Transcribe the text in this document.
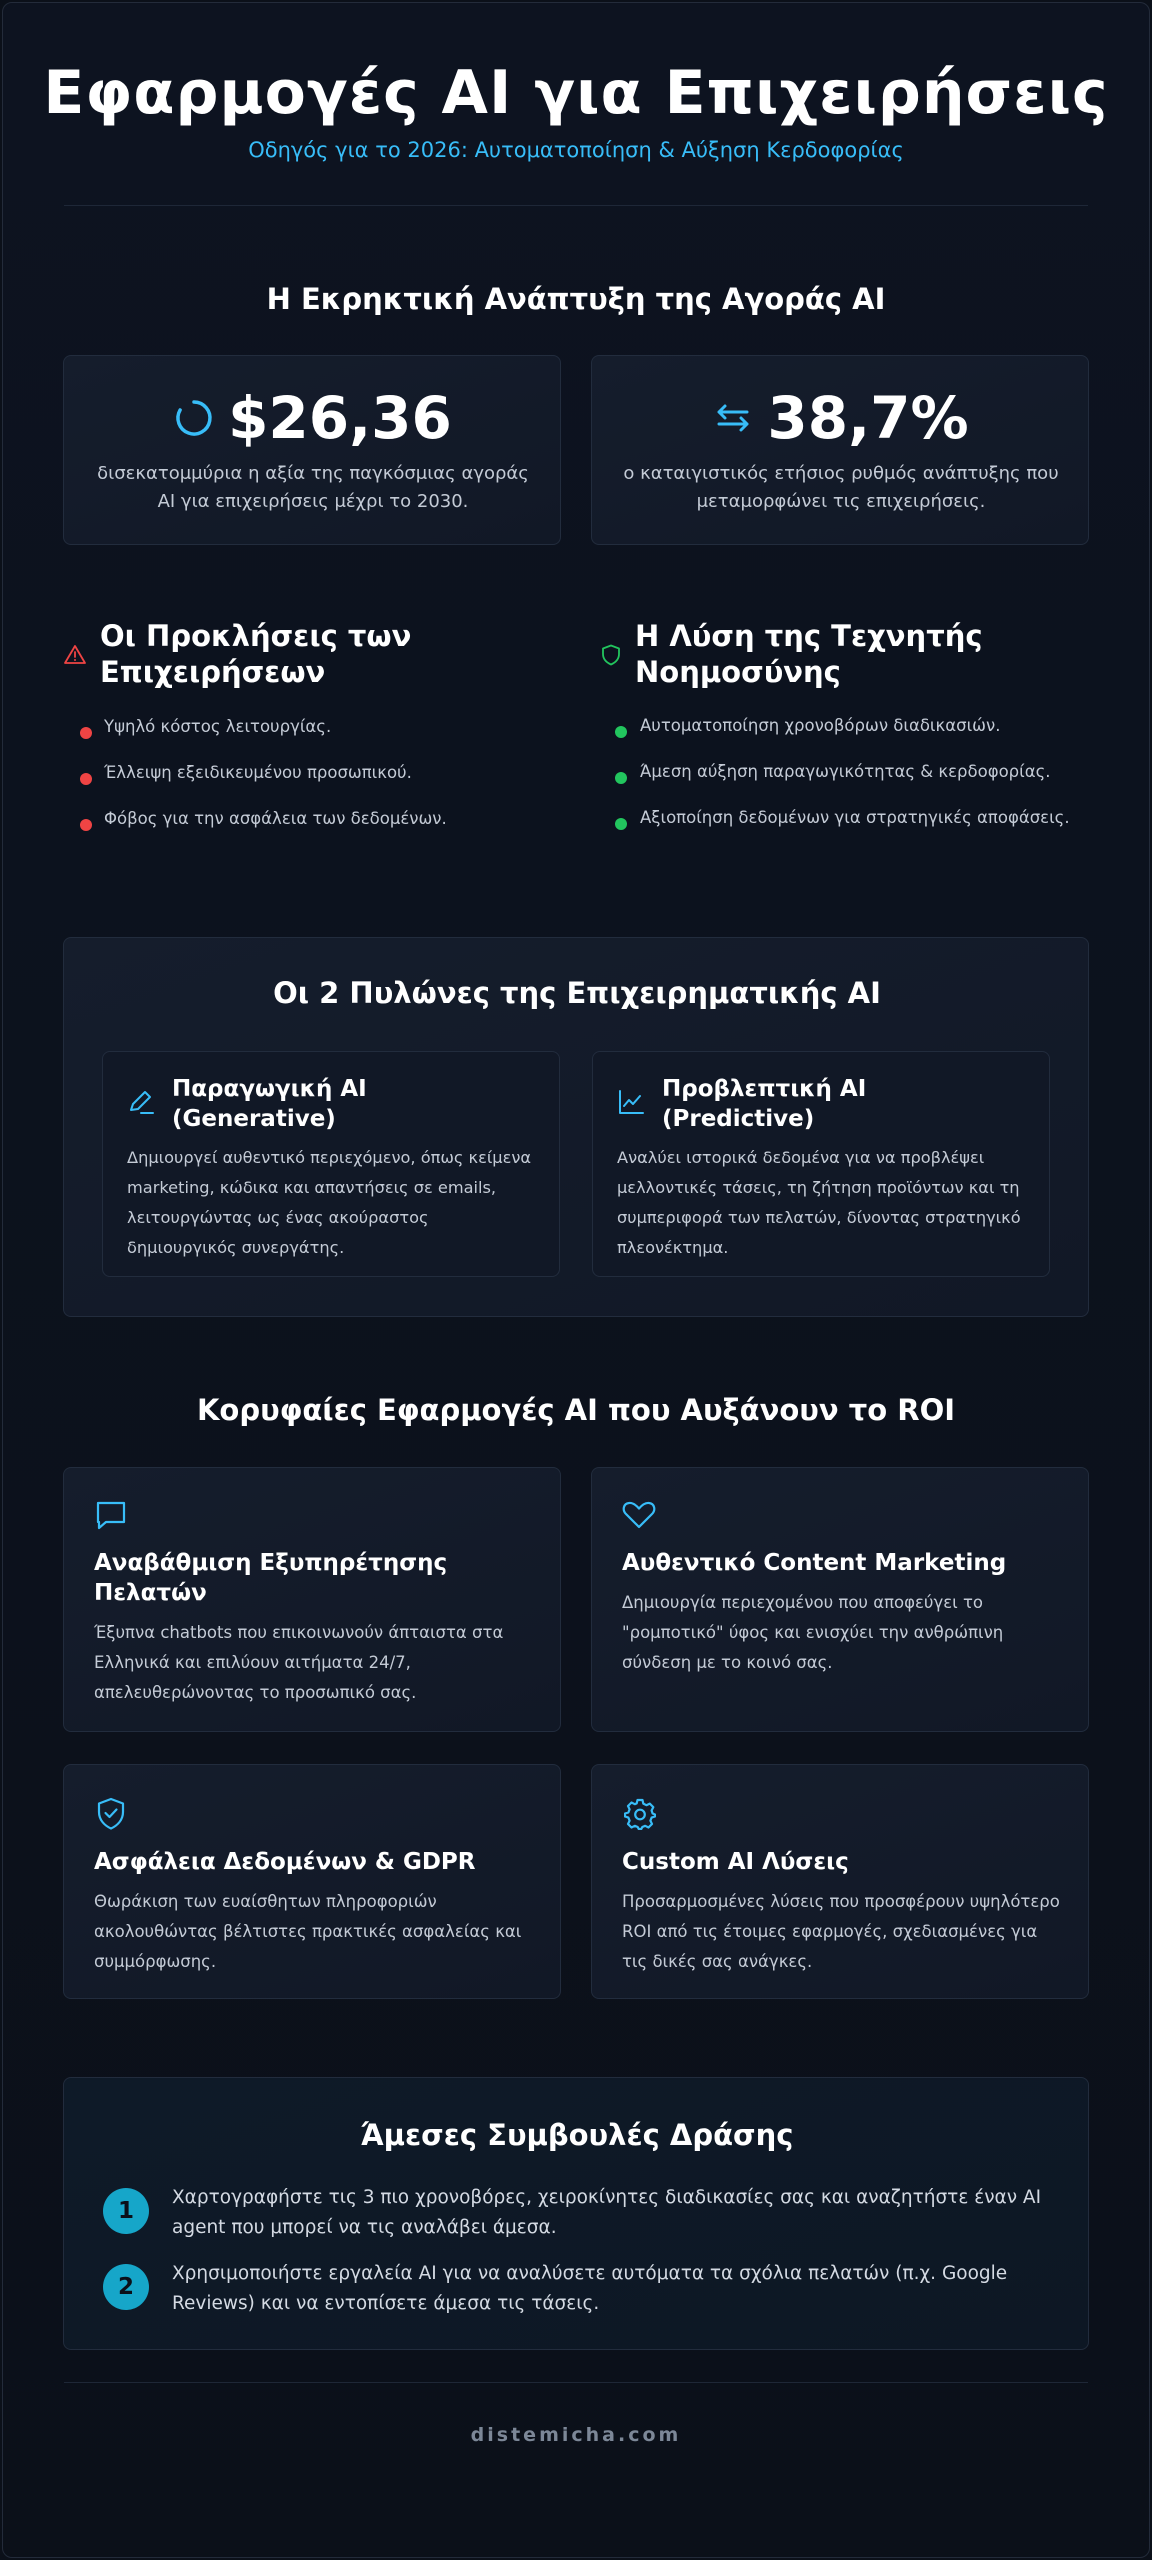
Εφαρμογές AI για Επιχειρήσεις
Οδηγός για το 2026: Αυτοματοποίηση & Αύξηση Κερδοφορίας
Η Εκρηκτική Ανάπτυξη της Αγοράς AI
$26,36
δισεκατομμύρια η αξία της παγκόσμιας αγοράς AI για επιχειρήσεις μέχρι το 2030.
38,7%
ο καταιγιστικός ετήσιος ρυθμός ανάπτυξης που μεταμορφώνει τις επιχειρήσεις.
Οι Προκλήσεις των Επιχειρήσεων
Υψηλό κόστος λειτουργίας.
Έλλειψη εξειδικευμένου προσωπικού.
Φόβος για την ασφάλεια των δεδομένων.
Η Λύση της Τεχνητής Νοημοσύνης
Αυτοματοποίηση χρονοβόρων διαδικασιών.
Άμεση αύξηση παραγωγικότητας & κερδοφορίας.
Αξιοποίηση δεδομένων για στρατηγικές αποφάσεις.
Οι 2 Πυλώνες της Επιχειρηματικής AI
Παραγωγική AI (Generative)
Δημιουργεί αυθεντικό περιεχόμενο, όπως κείμενα marketing, κώδικα και απαντήσεις σε emails, λειτουργώντας ως ένας ακούραστος δημιουργικός συνεργάτης.
Προβλεπτική AI (Predictive)
Αναλύει ιστορικά δεδομένα για να προβλέψει μελλοντικές τάσεις, τη ζήτηση προϊόντων και τη συμπεριφορά των πελατών, δίνοντας στρατηγικό πλεονέκτημα.
Κορυφαίες Εφαρμογές AI που Αυξάνουν το ROI
Αναβάθμιση Εξυπηρέτησης Πελατών
Έξυπνα chatbots που επικοινωνούν άπταιστα στα Ελληνικά και επιλύουν αιτήματα 24/7, απελευθερώνοντας το προσωπικό σας.
Αυθεντικό Content Marketing
Δημιουργία περιεχομένου που αποφεύγει το "ρομποτικό" ύφος και ενισχύει την ανθρώπινη σύνδεση με το κοινό σας.
Ασφάλεια Δεδομένων & GDPR
Θωράκιση των ευαίσθητων πληροφοριών ακολουθώντας βέλτιστες πρακτικές ασφαλείας και συμμόρφωσης.
Custom AI Λύσεις
Προσαρμοσμένες λύσεις που προσφέρουν υψηλότερο ROI από τις έτοιμες εφαρμογές, σχεδιασμένες για τις δικές σας ανάγκες.
Άμεσες Συμβουλές Δράσης
1
Χαρτογραφήστε τις 3 πιο χρονοβόρες, χειροκίνητες διαδικασίες σας και αναζητήστε έναν AI agent που μπορεί να τις αναλάβει άμεσα.
2
Χρησιμοποιήστε εργαλεία AI για να αναλύσετε αυτόματα τα σχόλια πελατών (π.χ. Google Reviews) και να εντοπίσετε άμεσα τις τάσεις.
distemicha.com
